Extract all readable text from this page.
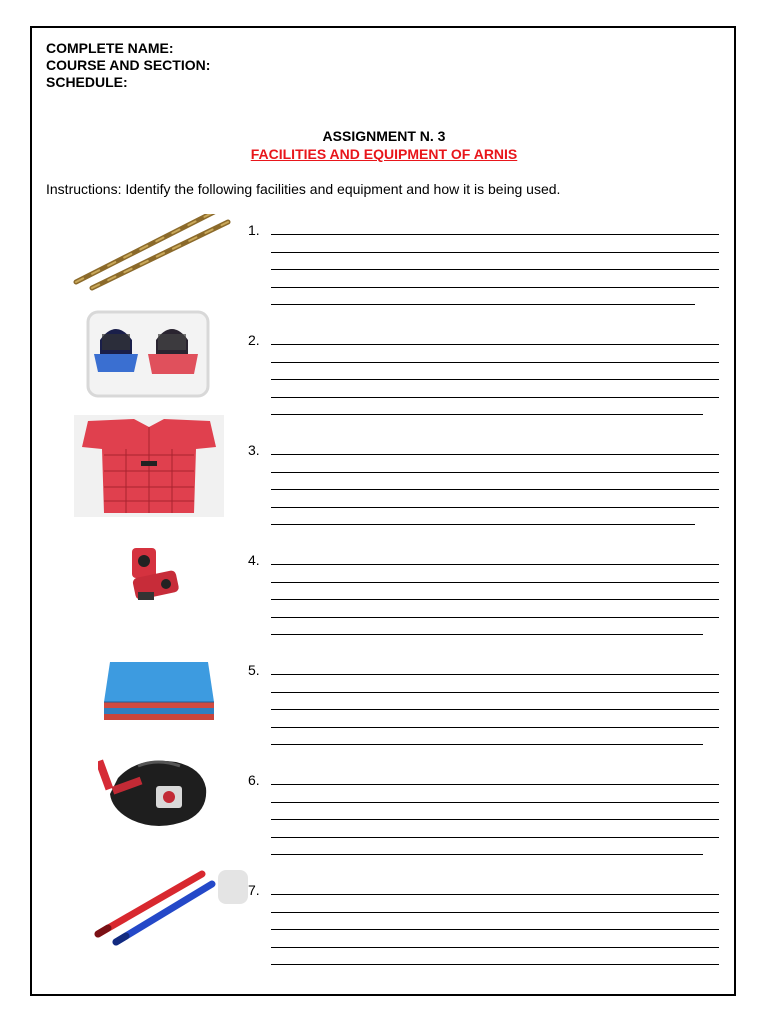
COMPLETE NAME:
COURSE AND SECTION:
SCHEDULE:
ASSIGNMENT N. 3
FACILITIES AND EQUIPMENT OF ARNIS
Instructions: Identify the following facilities and equipment and how it is being used.
1.
2.
3.
4.
5.
6.
7.
